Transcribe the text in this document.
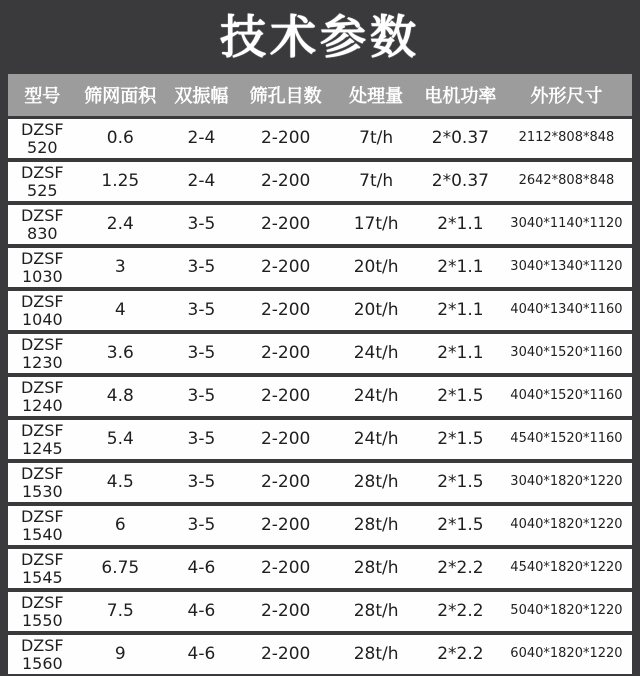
技术参数
型号	筛网面积	双振幅	筛孔目数	处理量	电机功率	外形尺寸
DZSF
520	0.6	2-4	2-200	7t/h	2*0.37	2112*808*848
DZSF
525	1.25	2-4	2-200	7t/h	2*0.37	2642*808*848
DZSF
830	2.4	3-5	2-200	17t/h	2*1.1	3040*1140*1120
DZSF
1030	3	3-5	2-200	20t/h	2*1.1	3040*1340*1120
DZSF
1040	4	3-5	2-200	20t/h	2*1.1	4040*1340*1160
DZSF
1230	3.6	3-5	2-200	24t/h	2*1.1	3040*1520*1160
DZSF
1240	4.8	3-5	2-200	24t/h	2*1.5	4040*1520*1160
DZSF
1245	5.4	3-5	2-200	24t/h	2*1.5	4540*1520*1160
DZSF
1530	4.5	3-5	2-200	28t/h	2*1.5	3040*1820*1220
DZSF
1540	6	3-5	2-200	28t/h	2*1.5	4040*1820*1220
DZSF
1545	6.75	4-6	2-200	28t/h	2*2.2	4540*1820*1220
DZSF
1550	7.5	4-6	2-200	28t/h	2*2.2	5040*1820*1220
DZSF
1560	9	4-6	2-200	28t/h	2*2.2	6040*1820*1220
